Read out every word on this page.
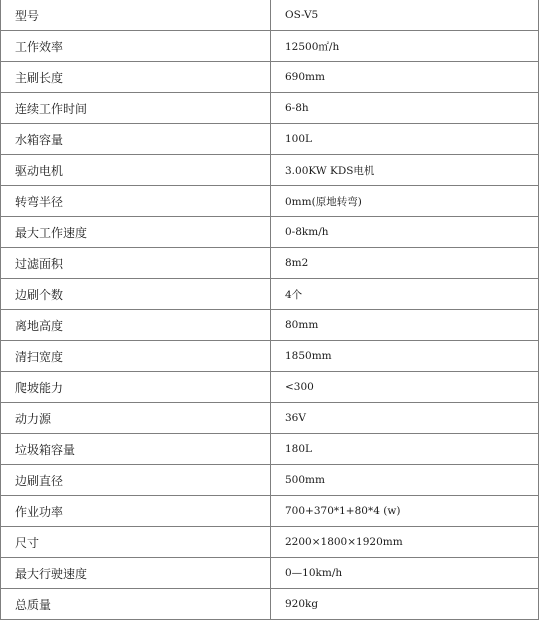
型号	OS-V5
工作效率	12500㎡/h
主刷长度	690mm
连续工作时间	6-8h
水箱容量	100L
驱动电机	3.00KW KDS电机
转弯半径	0mm(原地转弯)
最大工作速度	0-8km/h
过滤面积	8m2
边刷个数	4个
离地高度	80mm
清扫宽度	1850mm
爬坡能力	<300
动力源	36V
垃圾箱容量	180L
边刷直径	500mm
作业功率	700+370*1+80*4 (w)
尺寸	2200×1800×1920mm
最大行驶速度	0—10km/h
总质量	920kg
